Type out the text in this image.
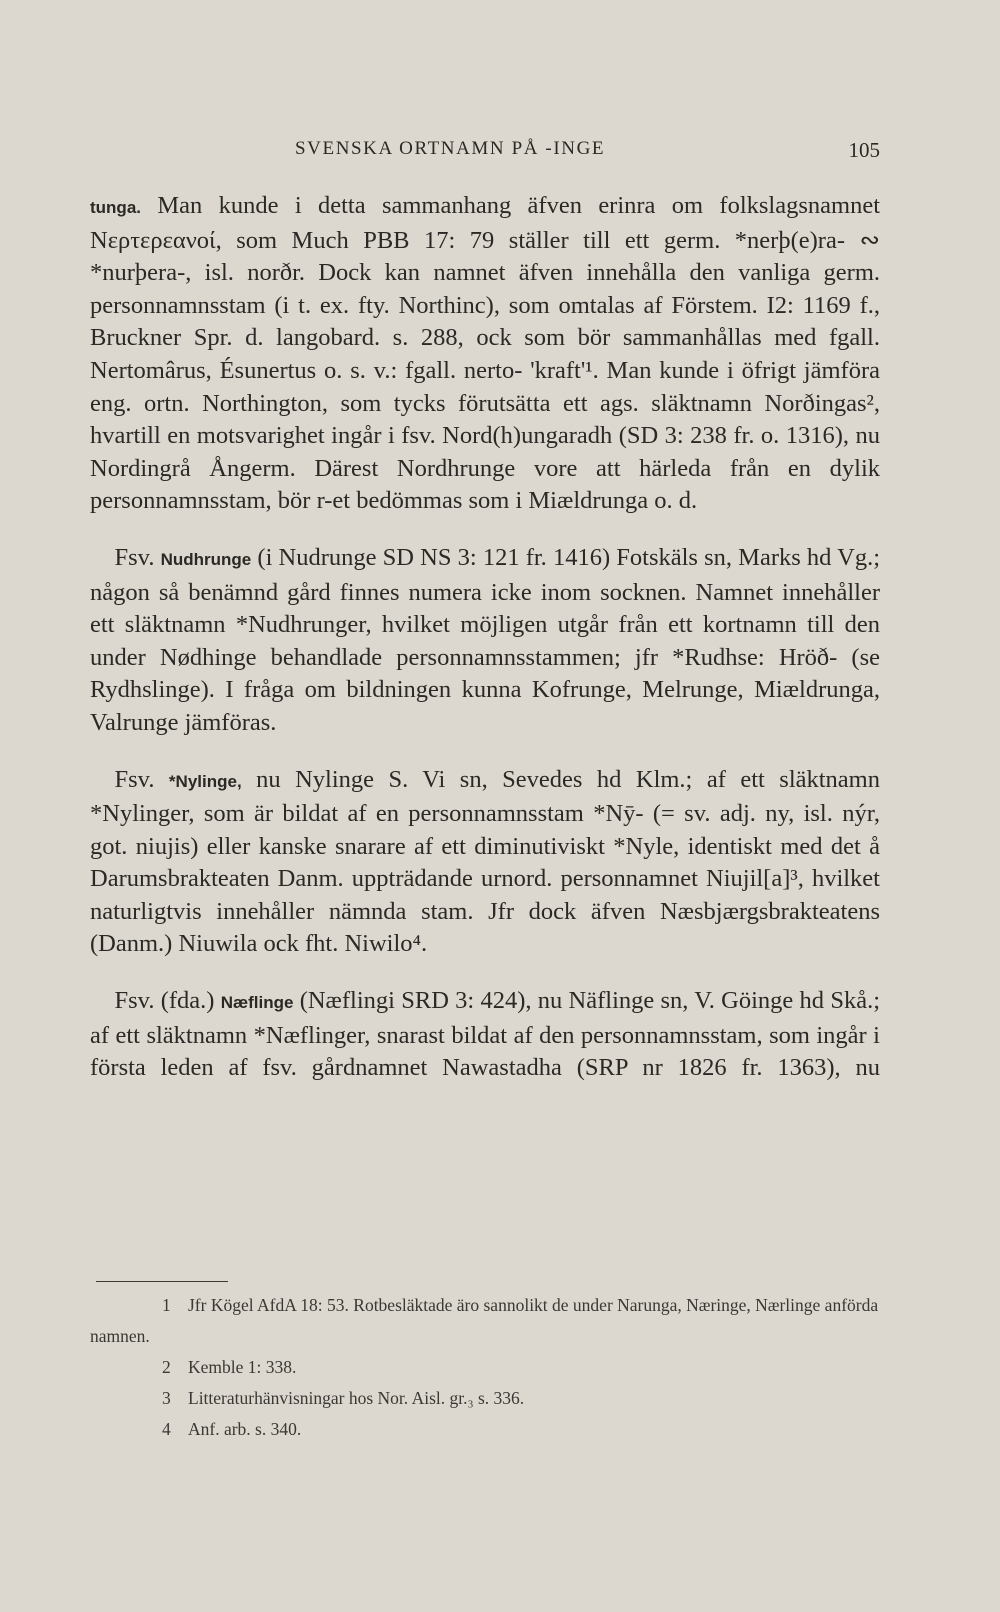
SVENSKA ORTNAMN PÅ -INGE	105

tunga. Man kunde i detta sammanhang äfven erinra om folkslagsnamnet Νερτερεανοί, som Much PBB 17: 79 ställer till ett germ. *nerþ(e)ra- ∾ *nurþera-, isl. norðr. Dock kan namnet äfven innehålla den vanliga germ. personnamnsstam (i t. ex. fty. Northinc), som omtalas af Förstem. I2: 1169 f., Bruckner Spr. d. langobard. s. 288, ock som bör sammanhållas med fgall. Nertomârus, Ésunertus o. s. v.: fgall. nerto- 'kraft'¹. Man kunde i öfrigt jämföra eng. ortn. Northington, som tycks förutsätta ett ags. släktnamn Norðingas², hvartill en motsvarighet ingår i fsv. Nord(h)ungaradh (SD 3: 238 fr. o. 1316), nu Nordingrå Ångerm. Därest Nordhrunge vore att härleda från en dylik personnamnsstam, bör r-et bedömmas som i Miældrunga o. d.

 Fsv. Nudhrunge (i Nudrunge SD NS 3: 121 fr. 1416) Fotskäls sn, Marks hd Vg.; någon så benämnd gård finnes numera icke inom socknen. Namnet innehåller ett släktnamn *Nudhrunger, hvilket möjligen utgår från ett kortnamn till den under Nødhinge behandlade personnamnsstammen; jfr *Rudhse: Hröð- (se Rydhslinge). I fråga om bildningen kunna Kofrunge, Melrunge, Miældrunga, Valrunge jämföras.

 Fsv. *Nylinge, nu Nylinge S. Vi sn, Sevedes hd Klm.; af ett släktnamn *Nylinger, som är bildat af en personnamnsstam *Nȳ- (= sv. adj. ny, isl. nýr, got. niujis) eller kanske snarare af ett diminutiviskt *Nyle, identiskt med det å Darumsbrakteaten Danm. uppträdande urnord. personnamnet Niujil[a]³, hvilket naturligtvis innehåller nämnda stam. Jfr dock äfven Næsbjærgsbrakteatens (Danm.) Niuwila ock fht. Niwilo⁴.

 Fsv. (fda.) Næflinge (Næflingi SRD 3: 424), nu Näflinge sn, V. Göinge hd Skå.; af ett släktnamn *Næflinger, snarast bildat af den personnamnsstam, som ingår i första leden af fsv. gårdnamnet Nawastadha (SRP nr 1826 fr. 1363), nu

1 Jfr Kögel AfdA 18: 53. Rotbesläktade äro sannolikt de under Narunga, Næringe, Nærlinge anförda namnen.

2 Kemble 1: 338.

3 Litteraturhänvisningar hos Nor. Aisl. gr.₃ s. 336.

4 Anf. arb. s. 340.
